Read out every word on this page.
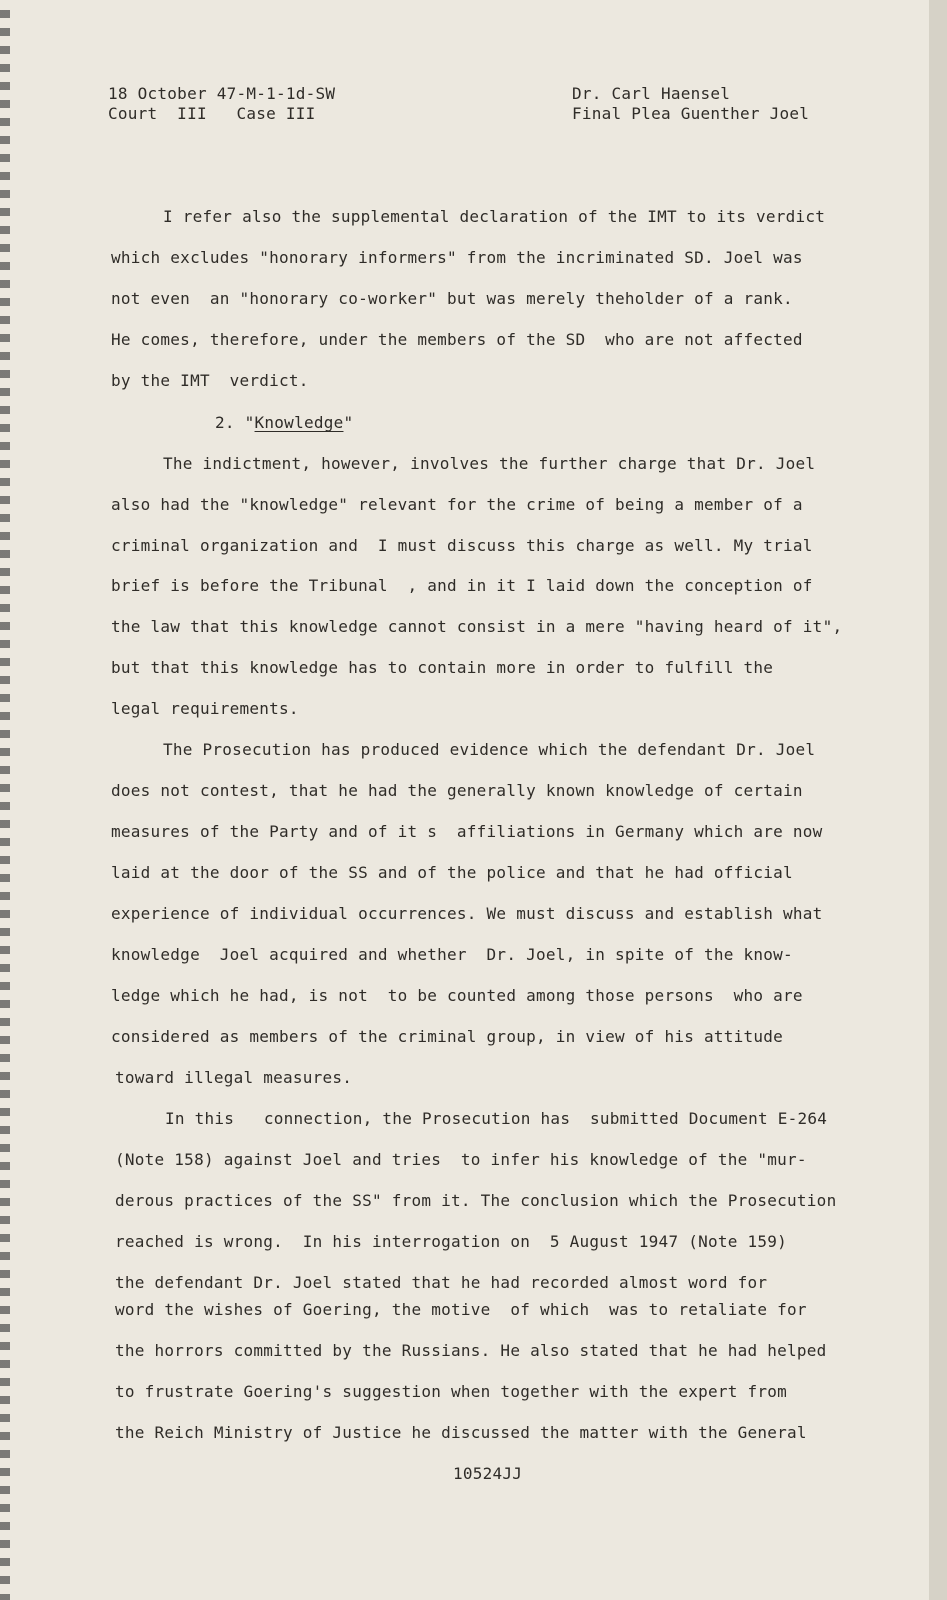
18 October 47-M-1-1d-SW
Court  III   Case III
Dr. Carl Haensel
Final Plea Guenther Joel
I refer also the supplemental declaration of the IMT to its verdict
which excludes "honorary informers" from the incriminated SD. Joel was
not even  an "honorary co-worker" but was merely theholder of a rank.
He comes, therefore, under the members of the SD  who are not affected
by the IMT  verdict.
2. "Knowledge"
The indictment, however, involves the further charge that Dr. Joel
also had the "knowledge" relevant for the crime of being a member of a
criminal organization and  I must discuss this charge as well. My trial
brief is before the Tribunal  , and in it I laid down the conception of
the law that this knowledge cannot consist in a mere "having heard of it",
but that this knowledge has to contain more in order to fulfill the
legal requirements.
The Prosecution has produced evidence which the defendant Dr. Joel
does not contest, that he had the generally known knowledge of certain
measures of the Party and of it s  affiliations in Germany which are now
laid at the door of the SS and of the police and that he had official
experience of individual occurrences. We must discuss and establish what
knowledge  Joel acquired and whether  Dr. Joel, in spite of the know-
ledge which he had, is not  to be counted among those persons  who are
considered as members of the criminal group, in view of his attitude
toward illegal measures.
In this   connection, the Prosecution has  submitted Document E-264
(Note 158) against Joel and tries  to infer his knowledge of the "mur-
derous practices of the SS" from it. The conclusion which the Prosecution
reached is wrong.  In his interrogation on  5 August 1947 (Note 159)
the defendant Dr. Joel stated that he had recorded almost word for
word the wishes of Goering, the motive  of which  was to retaliate for
the horrors committed by the Russians. He also stated that he had helped
to frustrate Goering's suggestion when together with the expert from
the Reich Ministry of Justice he discussed the matter with the General
10524JJ
